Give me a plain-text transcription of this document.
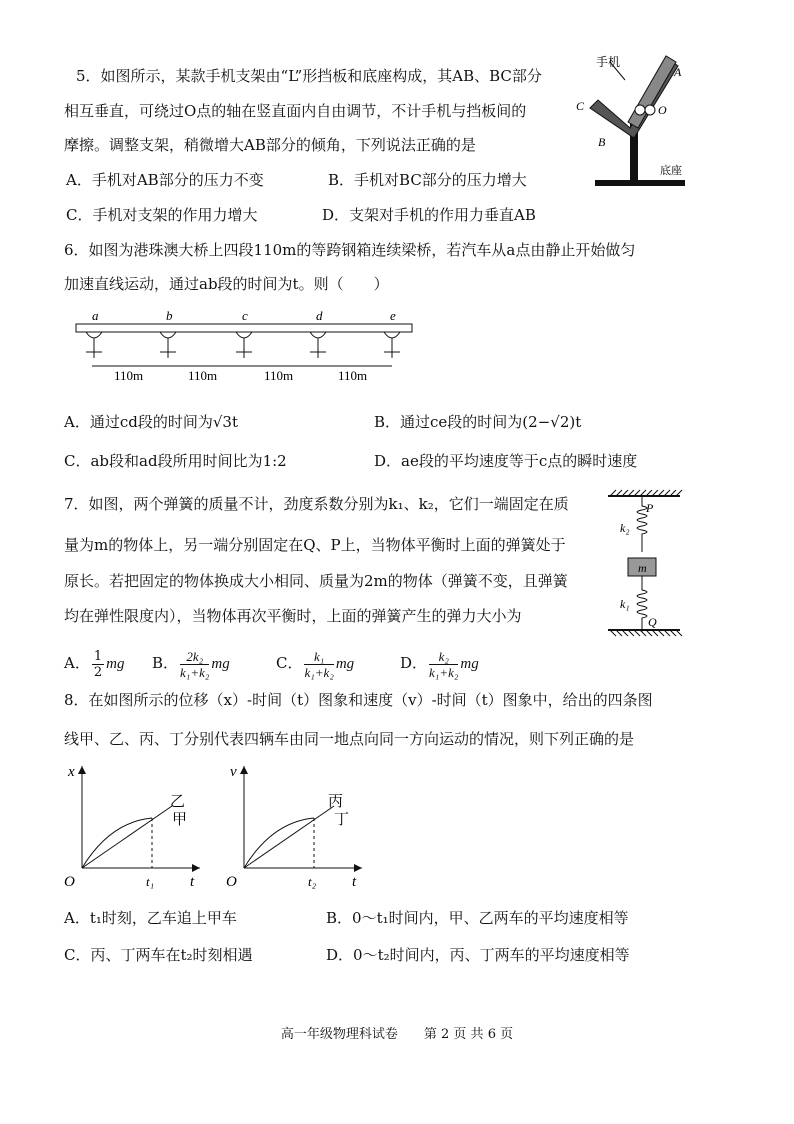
5．如图所示，某款手机支架由“L”形挡板和底座构成，其AB、BC部分
相互垂直，可绕过O点的轴在竖直面内自由调节，不计手机与挡板间的
摩擦。调整支架，稍微增大AB部分的倾角，下列说法正确的是
A．手机对AB部分的压力不变	B．手机对BC部分的压力增大
C．手机对支架的作用力增大	D．支架对手机的作用力垂直AB
手机
A
C
B
O
底座
6．如图为港珠澳大桥上四段110m的等跨钢箱连续梁桥，若汽车从a点由静止开始做匀
加速直线运动，通过ab段的时间为t。则（　　）
a	b	c	d	e
110m	110m	110m	110m
A．通过cd段的时间为√3t	B．通过ce段的时间为(2−√2)t
C．ab段和ad段所用时间比为1:2	D．ae段的平均速度等于c点的瞬时速度
7．如图，两个弹簧的质量不计，劲度系数分别为k₁、k₂，它们一端固定在质
量为m的物体上，另一端分别固定在Q、P上，当物体平衡时上面的弹簧处于
原长。若把固定的物体换成大小相同、质量为2m的物体（弹簧不变，且弹簧
均在弹性限度内），当物体再次平衡时，上面的弹簧产生的弹力大小为
A． $\frac{1}{2}$ mg B． $\frac{\text{2k₂}}{\text{k₁+k₂}}$ mg	C． $\frac{\text{k₁}}{\text{k₁+k₂}}$ mg	D． $\frac{\text{k₂}}{\text{k₁+k₂}}$ mg
P
k₂
m
k₁
Q
8．在如图所示的位移（x）-时间（t）图象和速度（v）-时间（t）图象中，给出的四条图
线甲、乙、丙、丁分别代表四辆车由同一地点向同一方向运动的情况，则下列正确的是
x
t
O	t₁
乙
甲
v
t
O	t₂
丙
丁
A．t₁时刻，乙车追上甲车	B．0～t₁时间内，甲、乙两车的平均速度相等
C．丙、丁两车在t₂时刻相遇	D．0～t₂时间内，丙、丁两车的平均速度相等
高一年级物理科试卷　　第 2 页 共 6 页
